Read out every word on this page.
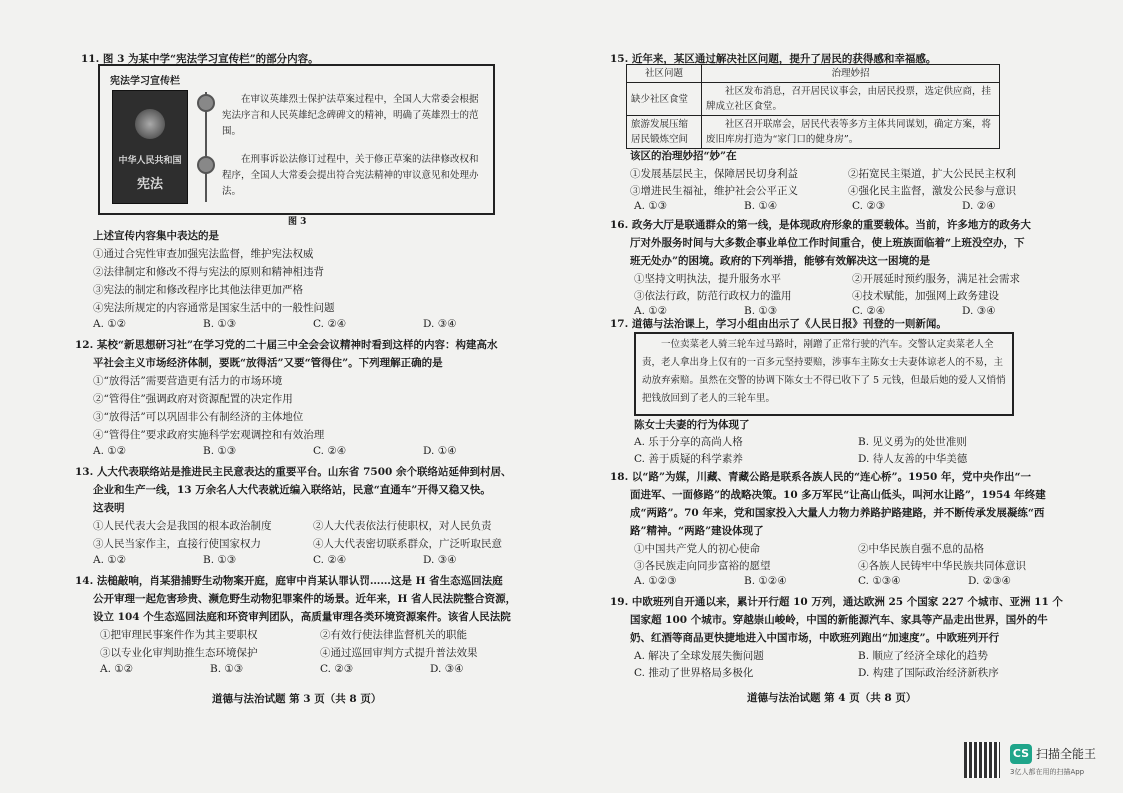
11. 图 3 为某中学“宪法学习宣传栏”的部分内容。
宪法学习宣传栏
中华人民共和国
宪法
在审议英雄烈士保护法草案过程中，全国人大常委会根据宪法序言和人民英雄纪念碑碑文的精神，明确了英雄烈士的范围。
在刑事诉讼法修订过程中，关于修正草案的法律修改权和程序，全国人大常委会提出符合宪法精神的审议意见和处理办法。
图 3
上述宣传内容集中表达的是
①通过合宪性审查加强宪法监督，维护宪法权威
②法律制定和修改不得与宪法的原则和精神相违背
③宪法的制定和修改程序比其他法律更加严格
④宪法所规定的内容通常是国家生活中的一般性问题
A. ①②	B. ①③	C. ②④	D. ③④
12. 某校“新思想研习社”在学习党的二十届三中全会会议精神时看到这样的内容：构建高水
平社会主义市场经济体制，要既“放得活”又要“管得住”。下列理解正确的是
①“放得活”需要营造更有活力的市场环境
②“管得住”强调政府对资源配置的决定作用
③“放得活”可以巩固非公有制经济的主体地位
④“管得住”要求政府实施科学宏观调控和有效治理
A. ①②	B. ①③	C. ②④	D. ①④
13. 人大代表联络站是推进民主民意表达的重要平台。山东省 7500 余个联络站延伸到村居、
企业和生产一线，13 万余名人大代表就近编入联络站，民意“直通车”开得又稳又快。
这表明
①人民代表大会是我国的根本政治制度	②人大代表依法行使职权，对人民负责
③人民当家作主，直接行使国家权力	④人大代表密切联系群众，广泛听取民意
A. ①②	B. ①③	C. ②④	D. ③④
14. 法槌敲响，肖某猎捕野生动物案开庭，庭审中肖某认罪认罚……这是 H 省生态巡回法庭
公开审理一起危害珍贵、濒危野生动物犯罪案件的场景。近年来，H 省人民法院整合资源，
设立 104 个生态巡回法庭和环资审判团队，高质量审理各类环境资源案件。该省人民法院
①把审理民事案件作为其主要职权	②有效行使法律监督机关的职能
③以专业化审判助推生态环境保护	④通过巡回审判方式提升普法效果
A. ①②	B. ①③	C. ②③	D. ③④
道德与法治试题 第 3 页（共 8 页）
15. 近年来，某区通过解决社区问题，提升了居民的获得感和幸福感。
社区问题	治理妙招
缺少社区食堂	社区发布消息，召开居民议事会，由居民投票，选定供应商，挂牌成立社区食堂。
旅游发展压缩居民锻炼空间	社区召开联席会，居民代表等多方主体共同谋划，确定方案，将废旧库房打造为“家门口的健身房”。
该区的治理妙招“妙”在
①发展基层民主，保障居民切身利益	②拓宽民主渠道，扩大公民民主权利
③增进民生福祉，维护社会公平正义	④强化民主监督，激发公民参与意识
A. ①③	B. ①④	C. ②③	D. ②④
16. 政务大厅是联通群众的第一线，是体现政府形象的重要载体。当前，许多地方的政务大
厅对外服务时间与大多数企事业单位工作时间重合，使上班族面临着“上班没空办，下
班无处办”的困境。政府的下列举措，能够有效解决这一困境的是
①坚持文明执法，提升服务水平	②开展延时预约服务，满足社会需求
③依法行政，防范行政权力的滥用	④技术赋能，加强网上政务建设
A. ①②	B. ①③	C. ②④	D. ③④
17. 道德与法治课上，学习小组由出示了《人民日报》刊登的一则新闻。
一位卖菜老人骑三轮车过马路时，剐蹭了正常行驶的汽车。交警认定卖菜老人全责，老人拿出身上仅有的一百多元坚持要赔，涉事车主陈女士夫妻体谅老人的不易，主动放弃索赔。虽然在交警的协调下陈女士不得已收下了 5 元钱，但最后她的爱人又悄悄把钱放回到了老人的三轮车里。
陈女士夫妻的行为体现了
A. 乐于分享的高尚人格	B. 见义勇为的处世准则
C. 善于质疑的科学素养	D. 待人友善的中华美德
18. 以“路”为媒，川藏、青藏公路是联系各族人民的“连心桥”。1950 年，党中央作出“一
面进军、一面修路”的战略决策。10 多万军民“让高山低头，叫河水让路”，1954 年终建
成“两路”。70 年来，党和国家投入大量人力物力养路护路建路，并不断传承发展凝练“西
路”精神。“两路”建设体现了
①中国共产党人的初心使命	②中华民族自强不息的品格
③各民族走向同步富裕的愿望	④各族人民铸牢中华民族共同体意识
A. ①②③	B. ①②④	C. ①③④	D. ②③④
19. 中欧班列自开通以来，累计开行超 10 万列，通达欧洲 25 个国家 227 个城市、亚洲 11 个
国家超 100 个城市。穿越崇山峻岭，中国的新能源汽车、家具等产品走出世界，国外的牛
奶、红酒等商品更快捷地进入中国市场，中欧班列跑出“加速度”。中欧班列开行
A. 解决了全球发展失衡问题	B. 顺应了经济全球化的趋势
C. 推动了世界格局多极化	D. 构建了国际政治经济新秩序
道德与法治试题 第 4 页（共 8 页）
CS 扫描全能王
3亿人都在用的扫描App
